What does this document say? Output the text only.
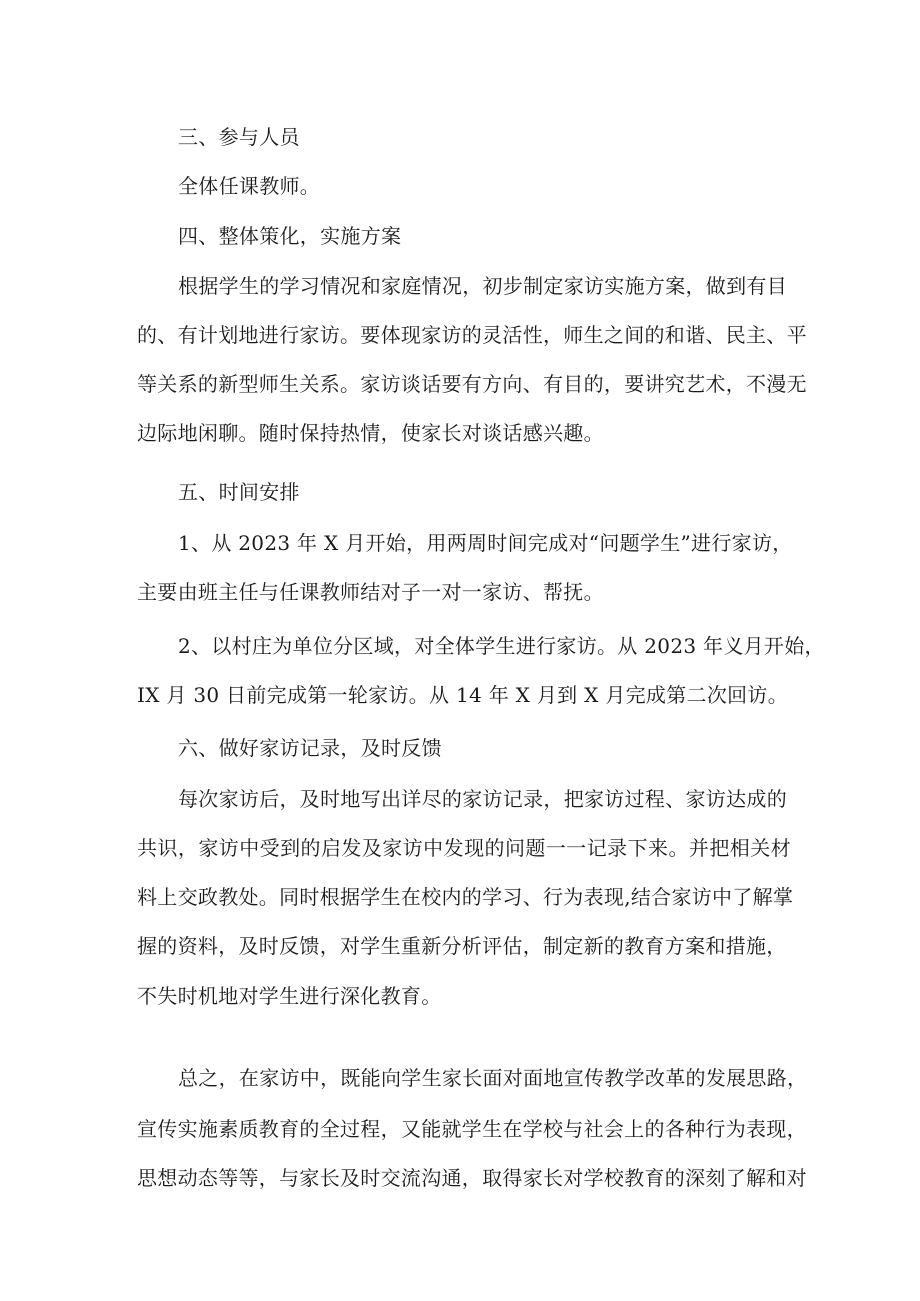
三、参与人员
全体任课教师。
四、整体策化，实施方案
根据学生的学习情况和家庭情况，初步制定家访实施方案，做到有目
的、有计划地进行家访。要体现家访的灵活性，师生之间的和谐、民主、平
等关系的新型师生关系。家访谈话要有方向、有目的，要讲究艺术，不漫无
边际地闲聊。随时保持热情，使家长对谈话感兴趣。
五、时间安排
1、从 2023 年 X 月开始，用两周时间完成对“问题学生”进行家访，
主要由班主任与任课教师结对子一对一家访、帮抚。
2、以村庄为单位分区域，对全体学生进行家访。从 2023 年义月开始，
IX 月 30 日前完成第一轮家访。从 14 年 X 月到 X 月完成第二次回访。
六、做好家访记录，及时反馈
每次家访后，及时地写出详尽的家访记录，把家访过程、家访达成的
共识，家访中受到的启发及家访中发现的问题一一记录下来。并把相关材
料上交政教处。同时根据学生在校内的学习、行为表现,结合家访中了解掌
握的资料，及时反馈，对学生重新分析评估，制定新的教育方案和措施，
不失时机地对学生进行深化教育。
总之，在家访中，既能向学生家长面对面地宣传教学改革的发展思路，
宣传实施素质教育的全过程，又能就学生在学校与社会上的各种行为表现，
思想动态等等，与家长及时交流沟通，取得家长对学校教育的深刻了解和对
